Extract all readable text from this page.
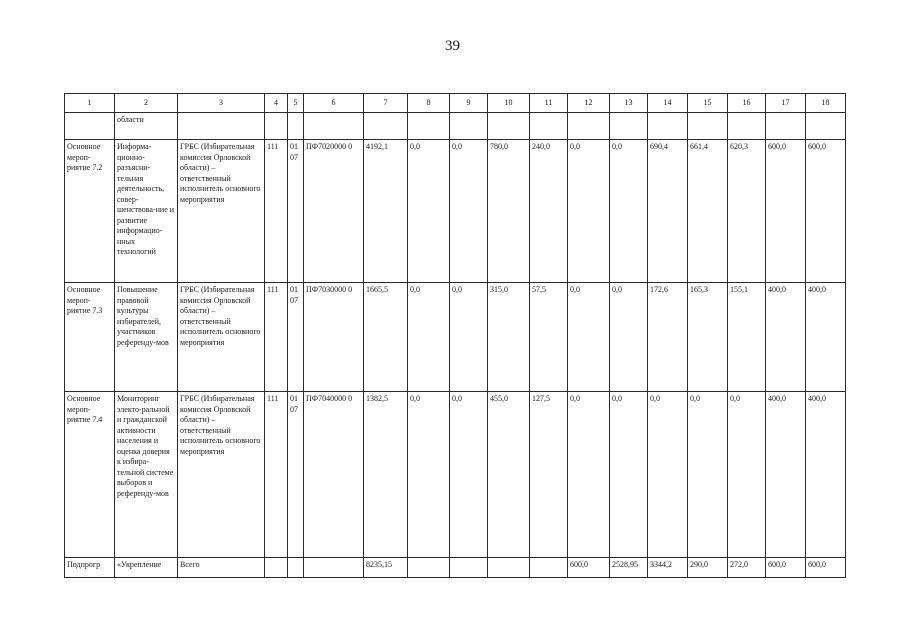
39
1	2	3	4	5	6	7	8	9	10	11	12	13	14	15	16	17	18
	области																
Основное мероп-риятие 7.2	Информа-ционно-разъясни-тельная деятельность, совер-шенствова-ние и развитие информацио-нных технологий	ГРБС (Избирательная комиссия Орловской области) – ответственный исполнитель основного мероприятия	111	01 07	ПФ7020000 0	4192,1	0,0	0,0	780,0	240,0	0,0	0,0	690,4	661,4	620,3	600,0	600,0
Основное мероп-риятие 7.3	Повышение правовой культуры избирателей, участников референду-мов	ГРБС (Избирательная комиссия Орловской области) – ответственный исполнитель основного мероприятия	111	01 07	ПФ7030000 0	1665,5	0,0	0,0	315,0	57,5	0,0	0,0	172,6	165,3	155,1	400,0	400,0
Основное мероп-риятие 7.4	Мониторинг электо-ральной и гражданской активности населения и оценка доверия к избира-тельной системе выборов и референду-мов	ГРБС (Избирательная комиссия Орловской области) – ответственный исполнитель основного мероприятия	111	01 07	ПФ7040000 0	1382,5	0,0	0,0	455,0	127,5	0,0	0,0	0,0	0,0	0,0	400,0	400,0
Подпрогр	«Укрепление	Всего				8235,15					600,0	2528,95	3344,2	290,0	272,0	600,0	600,0
